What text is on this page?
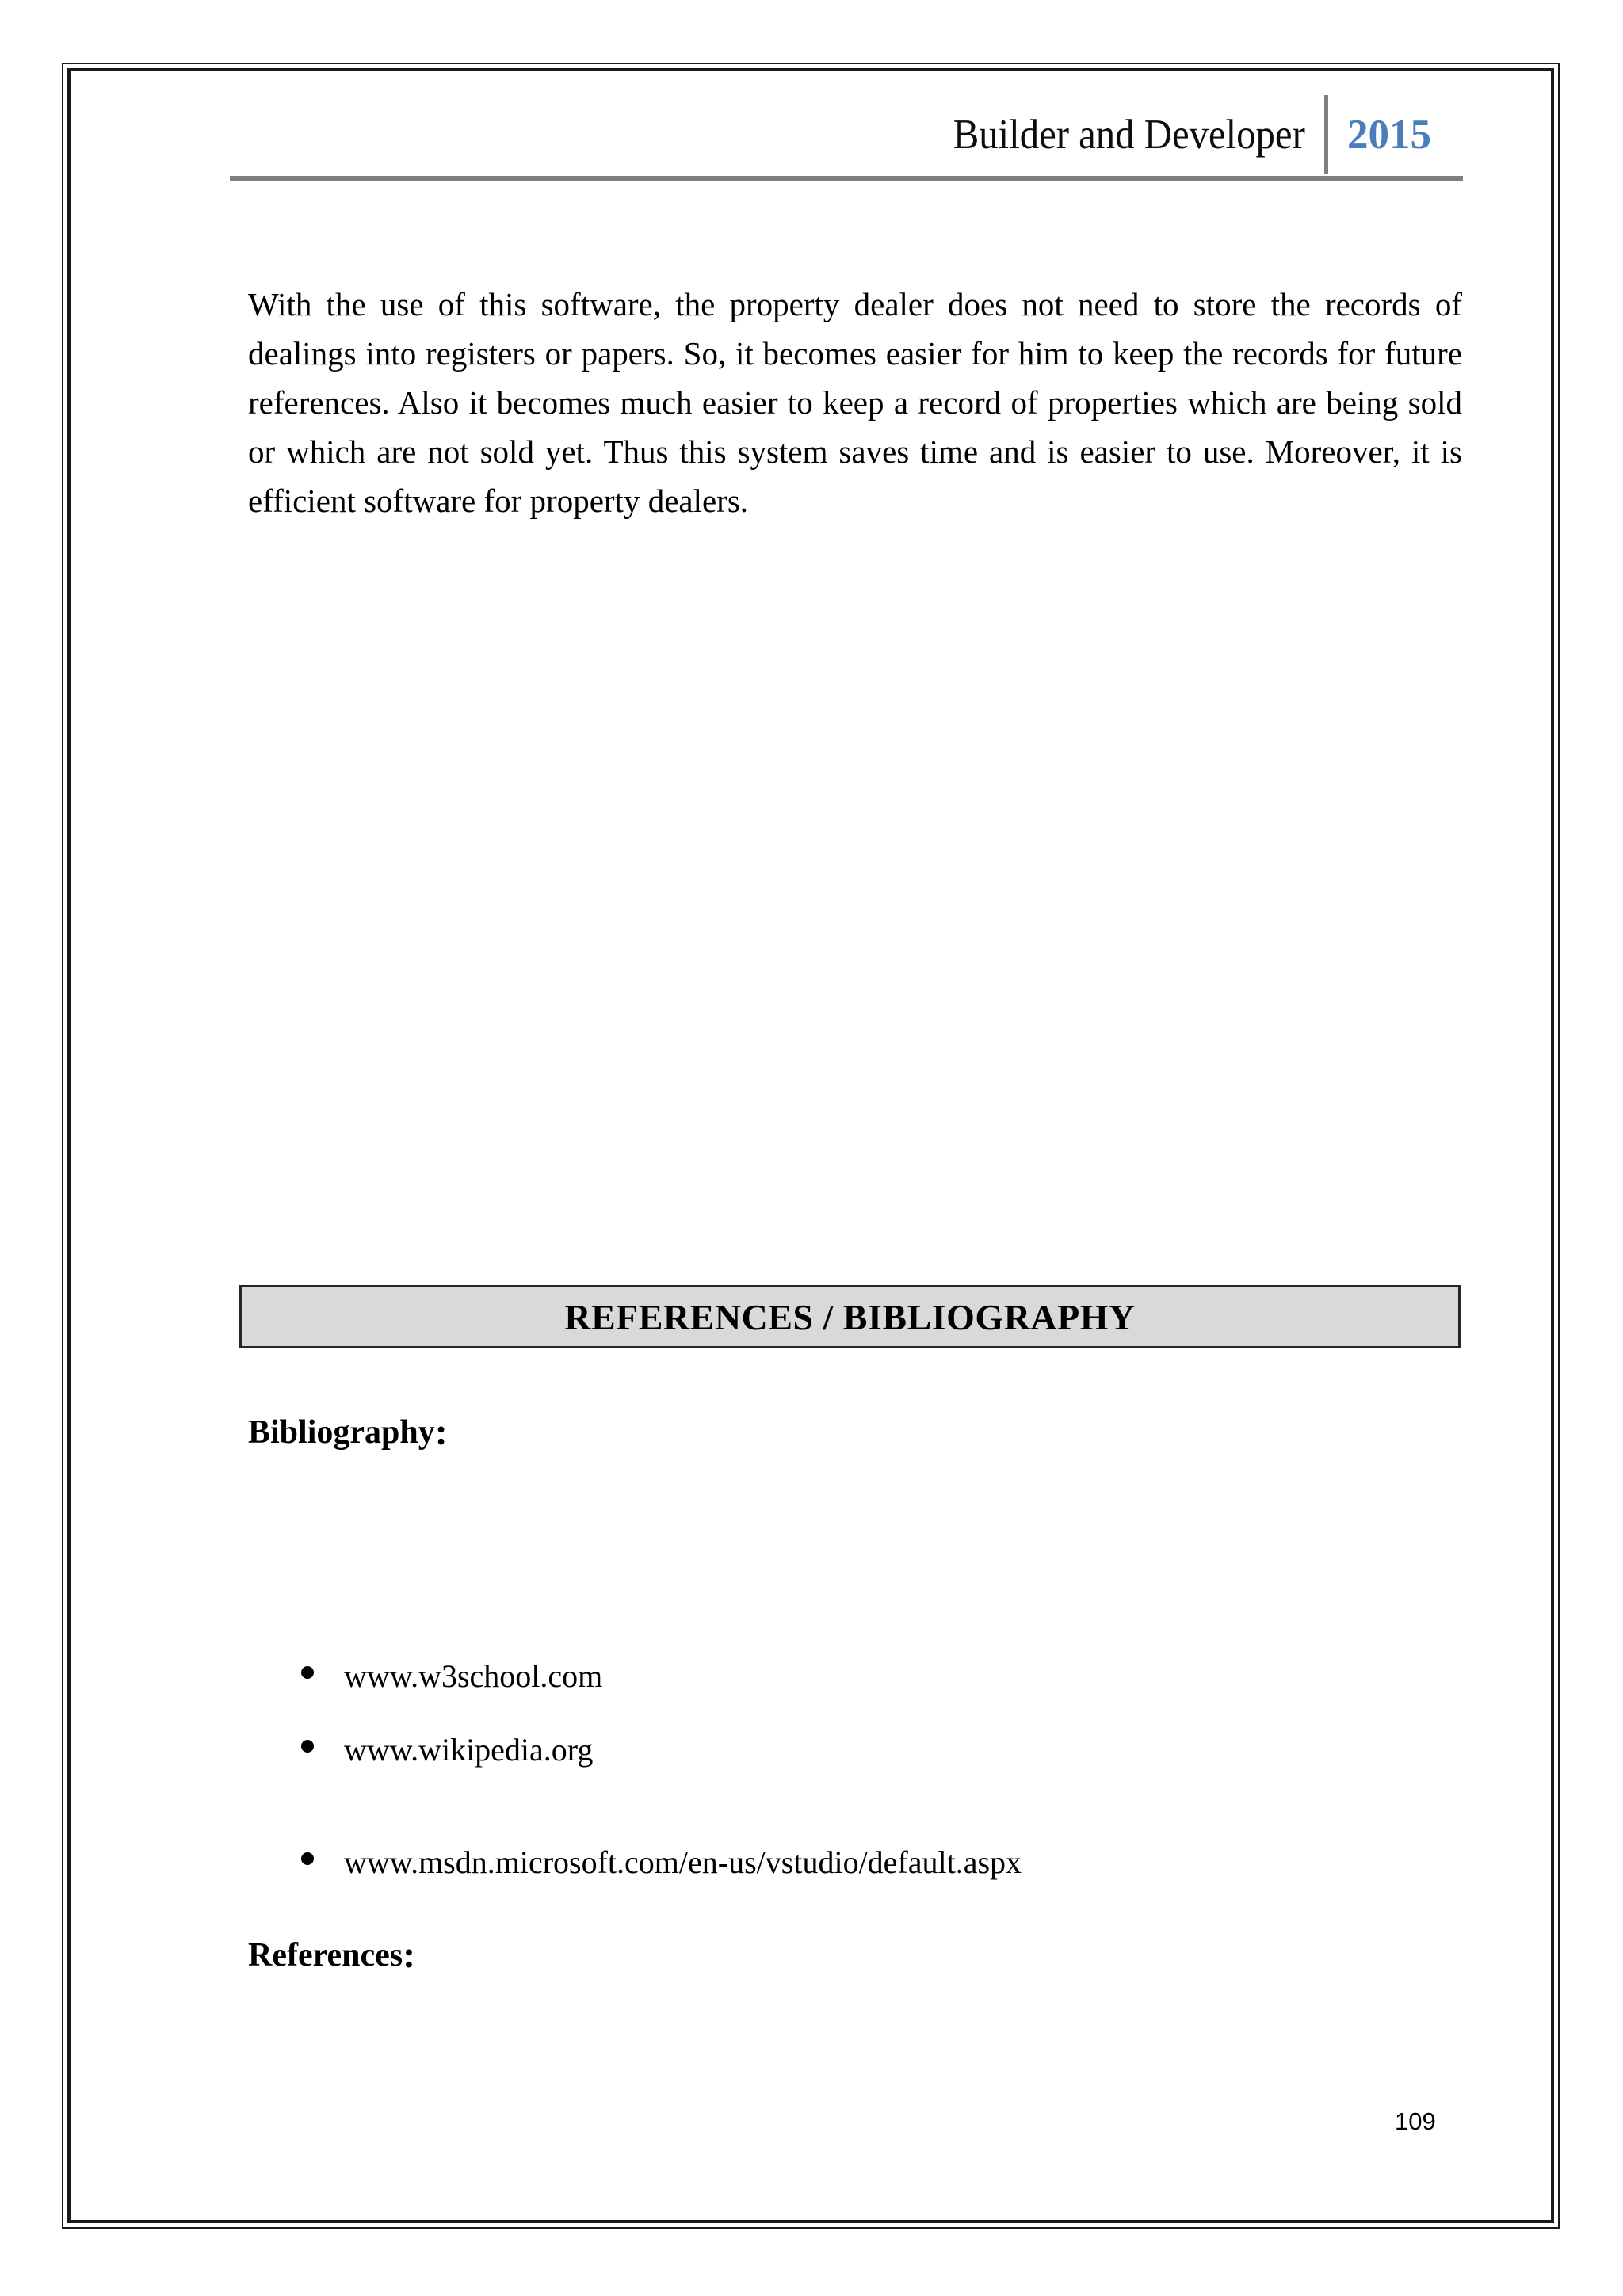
Builder and Developer 2015

With the use of this software, the property dealer does not need to store the records of dealings into registers or papers. So, it becomes easier for him to keep the records for future references. Also it becomes much easier to keep a record of properties which are being sold or which are not sold yet. Thus this system saves time and is easier to use. Moreover, it is efficient software for property dealers.

REFERENCES / BIBLIOGRAPHY
Bibliography:
www.w3school.com
www.wikipedia.org
www.msdn.microsoft.com/en-us/vstudio/default.aspx
References:
109
